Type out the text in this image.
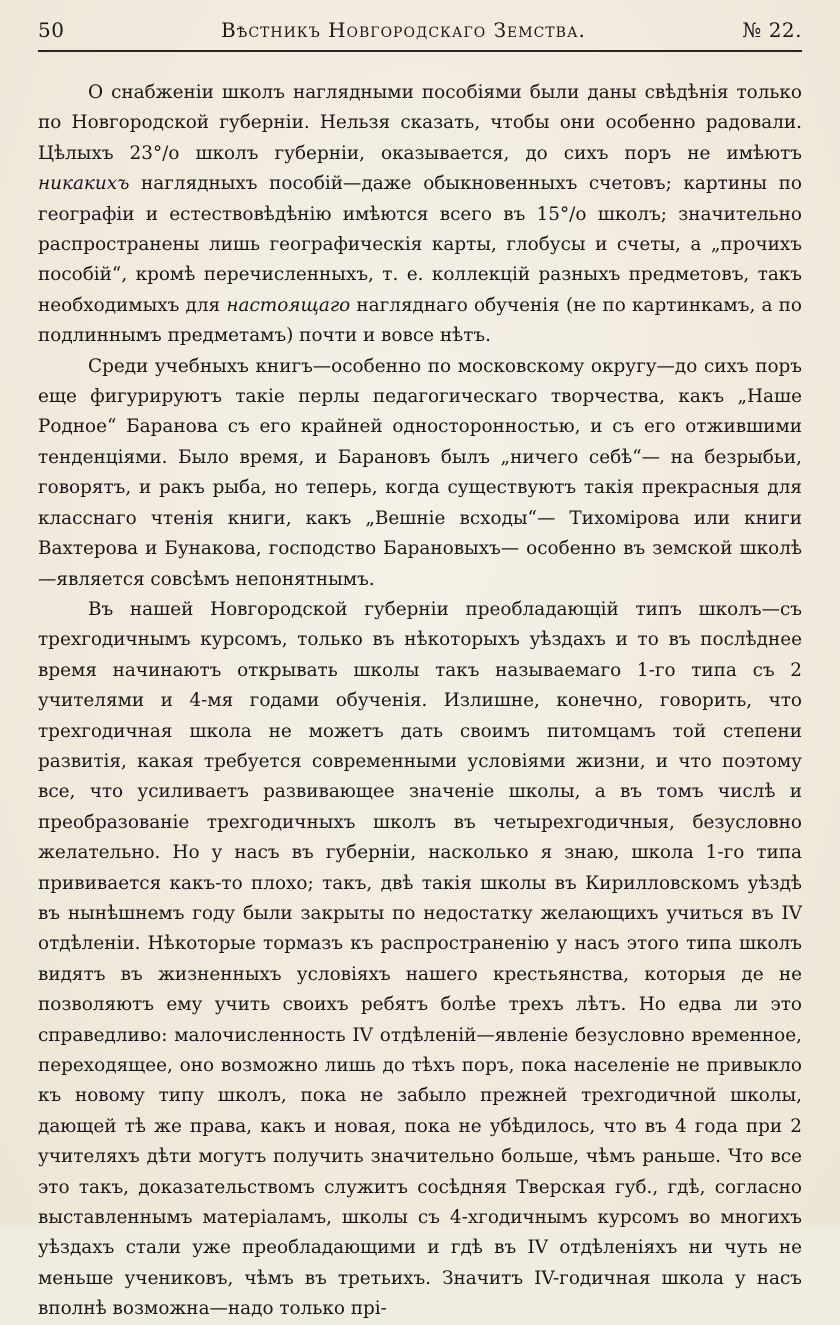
50	Вѣстникъ Новгородскаго Земства.	№ 22.

О снабженіи школъ наглядными пособіями были даны свѣдѣнія только по Новгородской губерніи. Нельзя сказать, чтобы они особенно радовали. Цѣлыхъ 23°/о школъ губерніи, оказывается, до сихъ поръ не имѣютъ никакихъ наглядныхъ пособій—даже обыкновенныхъ счетовъ; картины по географіи и естествовѣдѣнію имѣются всего въ 15°/о школъ; значительно распространены лишь географическія карты, глобусы и счеты, а „прочихъ пособій“, кромѣ перечисленныхъ, т. е. коллекцій разныхъ предметовъ, такъ необходимыхъ для настоящаго нагляднаго обученія (не по картинкамъ, а по подлиннымъ предметамъ) почти и вовсе нѣтъ.

Среди учебныхъ книгъ—особенно по московскому округу—до сихъ поръ еще фигурируютъ такіе перлы педагогическаго творчества, какъ „Наше Родное“ Баранова съ его крайней односторонностью, и съ его отжившими тенденціями. Было время, и Барановъ былъ „ничего себѣ“— на безрыбьи, говорятъ, и ракъ рыба, но теперь, когда существуютъ такія прекрасныя для класснаго чтенія книги, какъ „Вешніе всходы“— Тихоміровa или книги Вахтерова и Бунакова, господство Барановыхъ— особенно въ земской школѣ—является совсѣмъ непонятнымъ.

Въ нашей Новгородской губерніи преобладающій типъ школъ—съ трехгодичнымъ курсомъ, только въ нѣкоторыхъ уѣздахъ и то въ послѣднее время начинаютъ открывать школы такъ называемаго 1-го типа съ 2 учителями и 4-мя годами обученія. Излишне, конечно, говорить, что трехгодичная школа не можетъ дать своимъ питомцамъ той степени развитія, какая требуется современными условіями жизни, и что поэтому все, что усиливаетъ развивающее значеніе школы, а въ томъ числѣ и преобразованіе трехгодичныхъ школъ въ четырехгодичныя, безусловно желательно. Но у насъ въ губерніи, насколько я знаю, школа 1-го типа прививается какъ-то плохо; такъ, двѣ такія школы въ Кирилловскомъ уѣздѣ въ нынѣшнемъ году были закрыты по недостатку желающихъ учиться въ IV отдѣленіи. Нѣкоторые тормазъ къ распространенію у насъ этого типа школъ видятъ въ жизненныхъ условіяхъ нашего крестьянства, которыя де не позволяютъ ему учить своихъ ребятъ болѣе трехъ лѣтъ. Но едва ли это справедливо: малочисленность IV отдѣленій—явленіе безусловно временное, переходящее, оно возможно лишь до тѣхъ поръ, пока населеніе не привыкло къ новому типу школъ, пока не забыло прежней трехгодичной школы, дающей тѣ же права, какъ и новая, пока не убѣдилось, что въ 4 года при 2 учителяхъ дѣти могутъ получить значительно больше, чѣмъ раньше. Что все это такъ, доказательствомъ служитъ сосѣдняя Тверская губ., гдѣ, согласно выставленнымъ матеріаламъ, школы съ 4-хгодичнымъ курсомъ во многихъ уѣздахъ стали уже преобладающими и гдѣ въ IV отдѣленіяхъ ни чуть не меньше учениковъ, чѣмъ въ третьихъ. Значитъ IV-годичная школа у насъ вполнѣ возможна—надо только прі-
